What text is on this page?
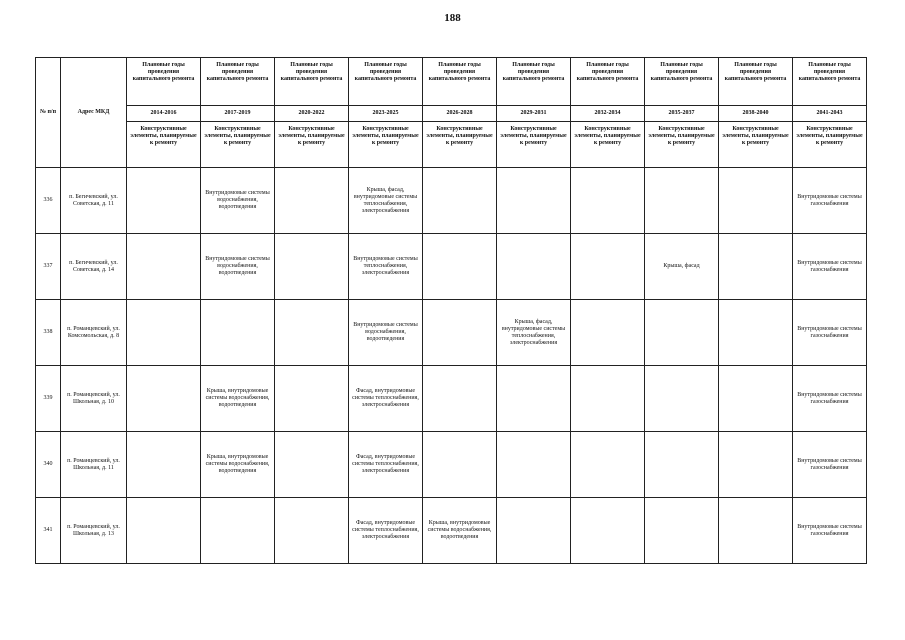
188
№ п/п	Адрес МКД	Плановые годы проведения капитального ремонта	Плановые годы проведения капитального ремонта	Плановые годы проведения капитального ремонта	Плановые годы проведения капитального ремонта	Плановые годы проведения капитального ремонта	Плановые годы проведения капитального ремонта	Плановые годы проведения капитального ремонта	Плановые годы проведения капитального ремонта	Плановые годы проведения капитального ремонта	Плановые годы проведения капитального ремонта
		2014-2016	2017-2019	2020-2022	2023-2025	2026-2028	2029-2031	2032-2034	2035-2037	2038-2040	2041-2043
		Конструктивные элементы, планируемые к ремонту	Конструктивные элементы, планируемые к ремонту	Конструктивные элементы, планируемые к ремонту	Конструктивные элементы, планируемые к ремонту	Конструктивные элементы, планируемые к ремонту	Конструктивные элементы, планируемые к ремонту	Конструктивные элементы, планируемые к ремонту	Конструктивные элементы, планируемые к ремонту	Конструктивные элементы, планируемые к ремонту	Конструктивные элементы, планируемые к ремонту
336	п. Бегичевский, ул. Советская, д. 11		Внутридомовые системы водоснабжения, водоотведения		Крыша, фасад, внутридомовые системы теплоснабжения, электроснабжения						Внутридомовые системы газоснабжения
337	п. Бегичевский, ул. Советская, д. 14		Внутридомовые системы водоснабжения, водоотведения		Внутридомовые системы теплоснабжения, электроснабжения				Крыша, фасад		Внутридомовые системы газоснабжения
338	п. Романцевский, ул. Комсомольская, д. 8				Внутридомовые системы водоснабжения, водоотведения		Крыша, фасад, внутридомовые системы теплоснабжения, электроснабжения				Внутридомовые системы газоснабжения
339	п. Романцевский, ул. Школьная, д. 10		Крыша, внутридомовые системы водоснабжения, водоотведения		Фасад, внутридомовые системы теплоснабжения, электроснабжения						Внутридомовые системы газоснабжения
340	п. Романцевский, ул. Школьная, д. 11		Крыша, внутридомовые системы водоснабжения, водоотведения		Фасад, внутридомовые системы теплоснабжения, электроснабжения						Внутридомовые системы газоснабжения
341	п. Романцевский, ул. Школьная, д. 13				Фасад, внутридомовые системы теплоснабжения, электроснабжения	Крыша, внутридомовые системы водоснабжения, водоотведения					Внутридомовые системы газоснабжения
